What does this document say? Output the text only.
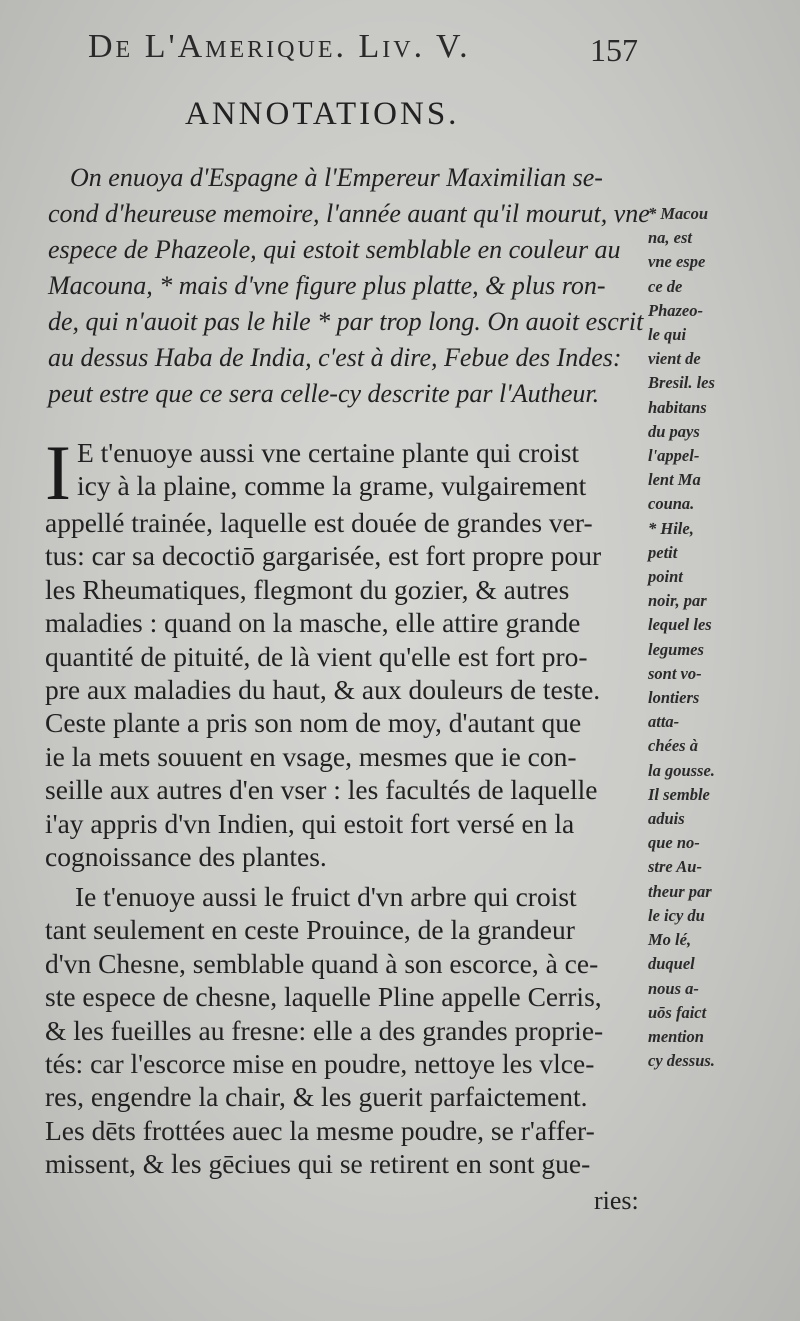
De L'Amerique. Liv. V.	157
ANNOTATIONS.
On enuoya d'Espagne à l'Empereur Maximilian se-
cond d'heureuse memoire, l'année auant qu'il mourut, vne
espece de Phazeole, qui estoit semblable en couleur au
Macouna, * mais d'vne figure plus platte, & plus ron-
de, qui n'auoit pas le hile * par trop long. On auoit escrit
au dessus Haba de India, c'est à dire, Febue des Indes:
peut estre que ce sera celle-cy descrite par l'Autheur.
I E t'enuoye aussi vne certaine plante qui croist
icy à la plaine, comme la grame, vulgairement
appellé trainée, laquelle est douée de grandes ver-
tus: car sa decoctiō gargarisée, est fort propre pour
les Rheumatiques, flegmont du gozier, & autres
maladies : quand on la masche, elle attire grande
quantité de pituité, de là vient qu'elle est fort pro-
pre aux maladies du haut, & aux douleurs de teste.
Ceste plante a pris son nom de moy, d'autant que
ie la mets souuent en vsage, mesmes que ie con-
seille aux autres d'en vser : les facultés de laquelle
i'ay appris d'vn Indien, qui estoit fort versé en la
cognoissance des plantes.
Ie t'enuoye aussi le fruict d'vn arbre qui croist
tant seulement en ceste Prouince, de la grandeur
d'vn Chesne, semblable quand à son escorce, à ce-
ste espece de chesne, laquelle Pline appelle Cerris,
& les fueilles au fresne: elle a des grandes proprie-
tés: car l'escorce mise en poudre, nettoye les vlce-
res, engendre la chair, & les guerit parfaictement.
Les dēts frottées auec la mesme poudre, se r'affer-
missent, & les gēciues qui se retirent en sont gue-
ries:
* Macou
na, est
vne espe
ce de
Phazeo-
le qui
vient de
Bresil. les
habitans
du pays
l'appel-
lent Ma
couna.
* Hile,
petit
point
noir, par
lequel les
legumes
sont vo-
lontiers
atta-
chées à
la gousse.
Il semble
aduis
que no-
stre Au-
theur par
le icy du
Mo lé,
duquel
nous a-
uōs faict
mention
cy dessus.
